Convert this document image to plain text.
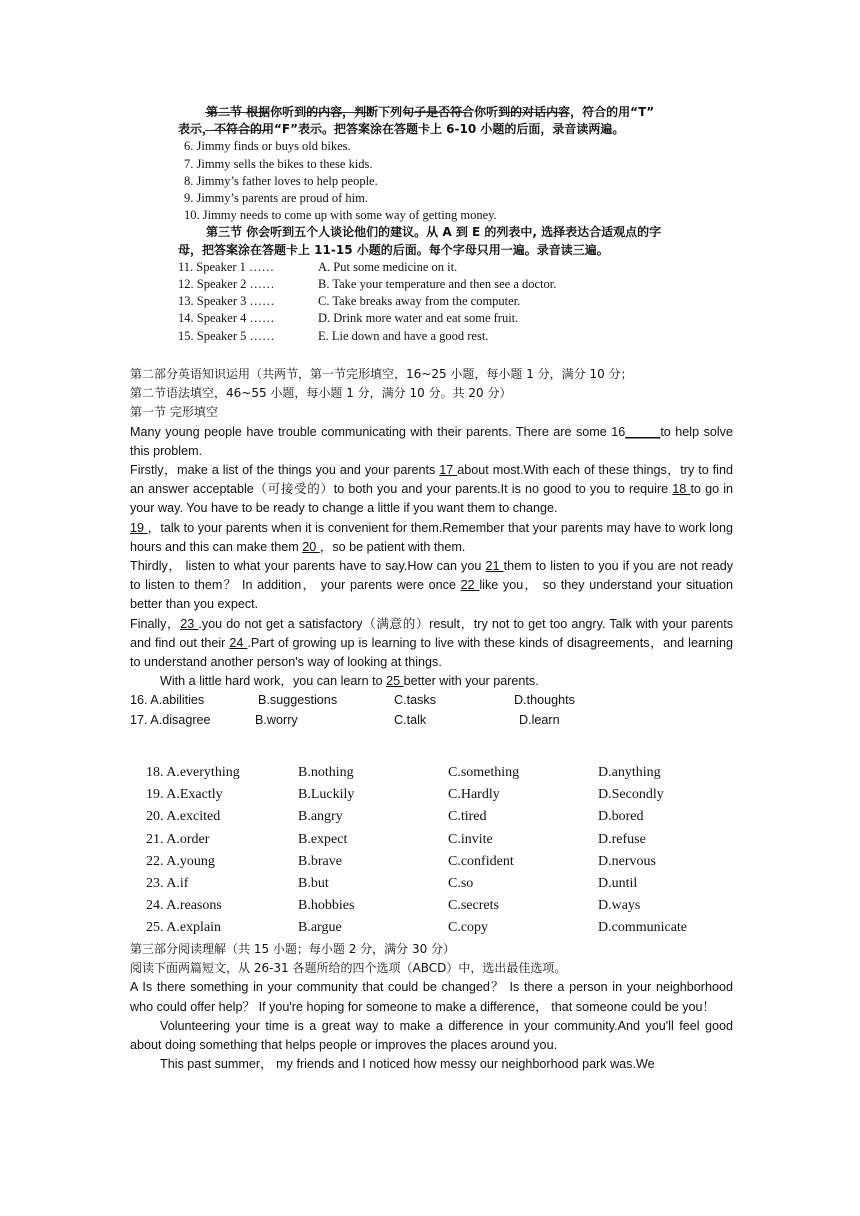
第二节 根据你听到的内容，判断下列句子是否符合你听到的对话内容，符合的用“T”

表示，不符合的用“F”表示。把答案涂在答题卡上 6-10 小题的后面，录音读两遍。

6. Jimmy finds or buys old bikes.

7. Jimmy sells the bikes to these kids.

8. Jimmy’s father loves to help people.

9. Jimmy’s parents are proud of him.

10. Jimmy needs to come up with some way of getting money.

第三节 你会听到五个人谈论他们的建议。从 A 到 E 的列表中, 选择表达合适观点的字

母，把答案涂在答题卡上 11-15 小题的后面。每个字母只用一遍。录音读三遍。

11. Speaker 1 ……	A. Put some medicine on it.
12. Speaker 2 ……	B. Take your temperature and then see a doctor.
13. Speaker 3 ……	C. Take breaks away from the computer.
14. Speaker 4 ……	D. Drink more water and eat some fruit.
15. Speaker 5 ……	E. Lie down and have a good rest.

第二部分英语知识运用（共两节，第一节完形填空，16~25 小题，每小题 1 分，满分 10 分；

第二节语法填空，46~55 小题，每小题 1 分，满分 10 分。共 20 分）

第一节 完形填空

Many young people have trouble communicating with their parents. There are some 16_____to help solve this problem.

Firstly，make a list of the things you and your parents 17 about most.With each of these things，try to find an answer acceptable（可接受的）to both you and your parents.It is no good to you to require 18 to go in your way. You have to be ready to change a little if you want them to change.

19 ，talk to your parents when it is convenient for them.Remember that your parents may have to work long hours and this can make them 20 ，so be patient with them.

Thirdly， listen to what your parents have to say.How can you 21 them to listen to you if you are not ready to listen to them？ In addition， your parents were once 22 like you， so they understand your situation better than you expect.

Finally，23 .you do not get a satisfactory（满意的）result，try not to get too angry. Talk with your parents and find out their 24 .Part of growing up is learning to live with these kinds of disagreements，and learning to understand another person's way of looking at things.

With a little hard work，you can learn to 25 better with your parents.

16. A.abilities	B.suggestions	C.tasks	D.thoughts
17. A.disagree	B.worry	C.talk	D.learn
18. A.everything	B.nothing	C.something	D.anything
19. A.Exactly	B.Luckily	C.Hardly	D.Secondly
20. A.excited	B.angry	C.tired	D.bored
21. A.order	B.expect	C.invite	D.refuse
22. A.young	B.brave	C.confident	D.nervous
23. A.if	B.but	C.so	D.until
24. A.reasons	B.hobbies	C.secrets	D.ways
25. A.explain	B.argue	C.copy	D.communicate

第三部分阅读理解（共 15 小题；每小题 2 分，满分 30 分）

阅读下面两篇短文，从 26-31 各题所给的四个选项（ABCD）中，选出最佳选项。

A Is there something in your community that could be changed？ Is there a person in your neighborhood who could offer help？ If you're hoping for someone to make a difference， that someone could be you！

Volunteering your time is a great way to make a difference in your community.And you'll feel good about doing something that helps people or improves the places around you.

This past summer， my friends and I noticed how messy our neighborhood park was.We
